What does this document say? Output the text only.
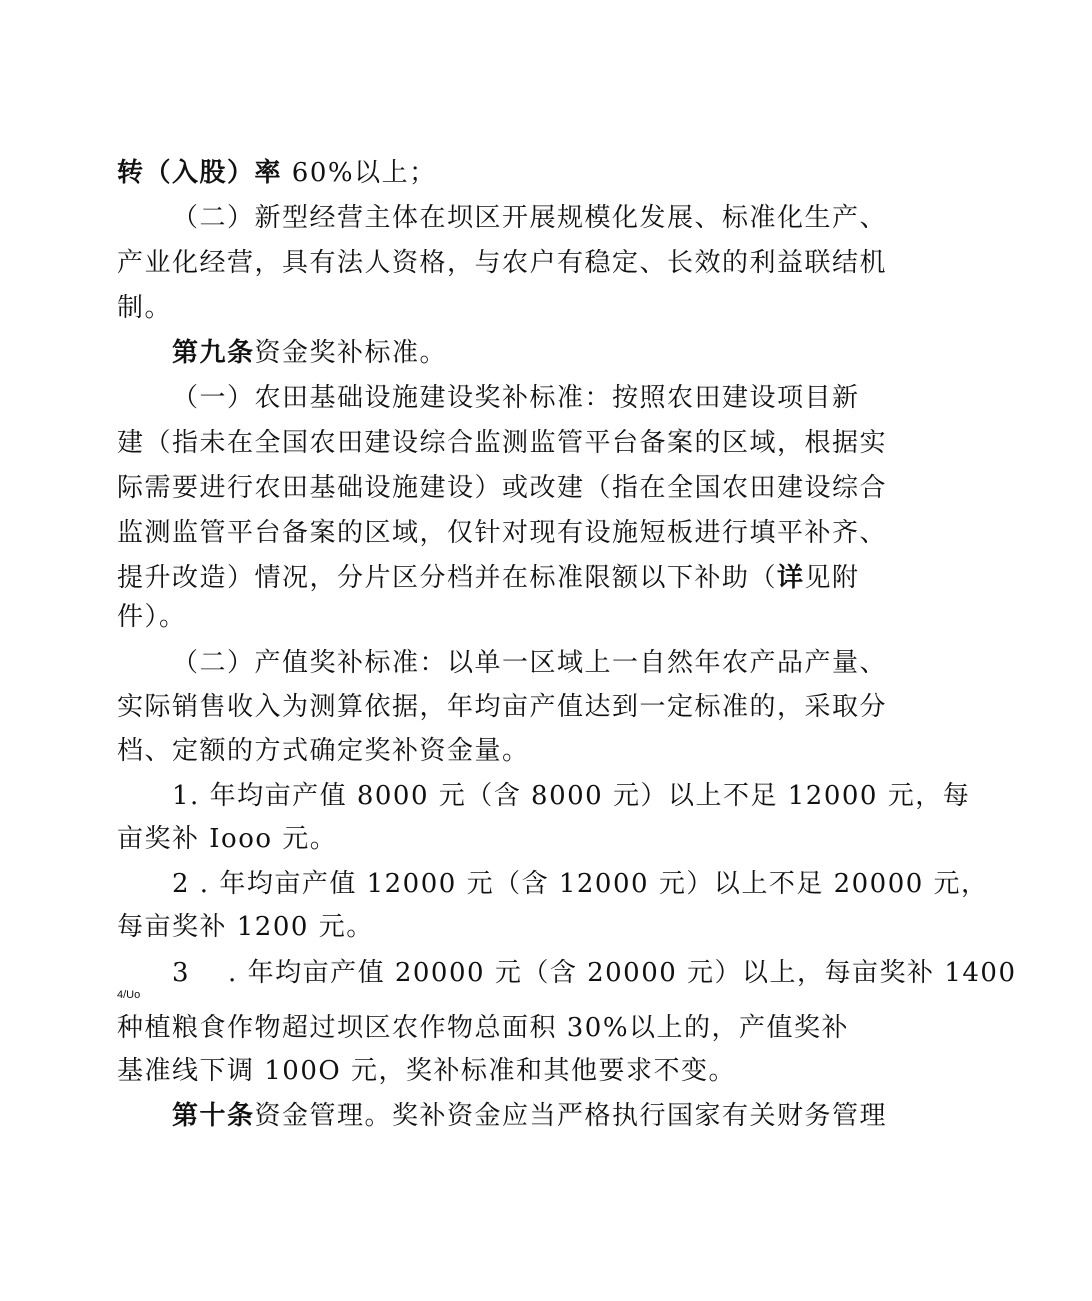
转（入股）率 60%以上；
（二）新型经营主体在坝区开展规模化发展、标准化生产、
产业化经营，具有法人资格，与农户有稳定、长效的利益联结机
制。
第九条资金奖补标准。
（一）农田基础设施建设奖补标准：按照农田建设项目新
建（指未在全国农田建设综合监测监管平台备案的区域，根据实
际需要进行农田基础设施建设）或改建（指在全国农田建设综合
监测监管平台备案的区域，仅针对现有设施短板进行填平补齐、
提升改造）情况，分片区分档并在标准限额以下补助（详见附
件）。
（二）产值奖补标准：以单一区域上一自然年农产品产量、
实际销售收入为测算依据，年均亩产值达到一定标准的，采取分
档、定额的方式确定奖补资金量。
1. 年均亩产值 8000 元（含 8000 元）以上不足 12000 元，每
亩奖补 Iooo 元。
2 . 年均亩产值 12000 元（含 12000 元）以上不足 20000 元，
每亩奖补 1200 元。
3 . 年均亩产值 20000 元（含 20000 元）以上，每亩奖补 1400
4/Uo
种植粮食作物超过坝区农作物总面积 30%以上的，产值奖补
基准线下调 100O 元，奖补标准和其他要求不变。
第十条资金管理。奖补资金应当严格执行国家有关财务管理
